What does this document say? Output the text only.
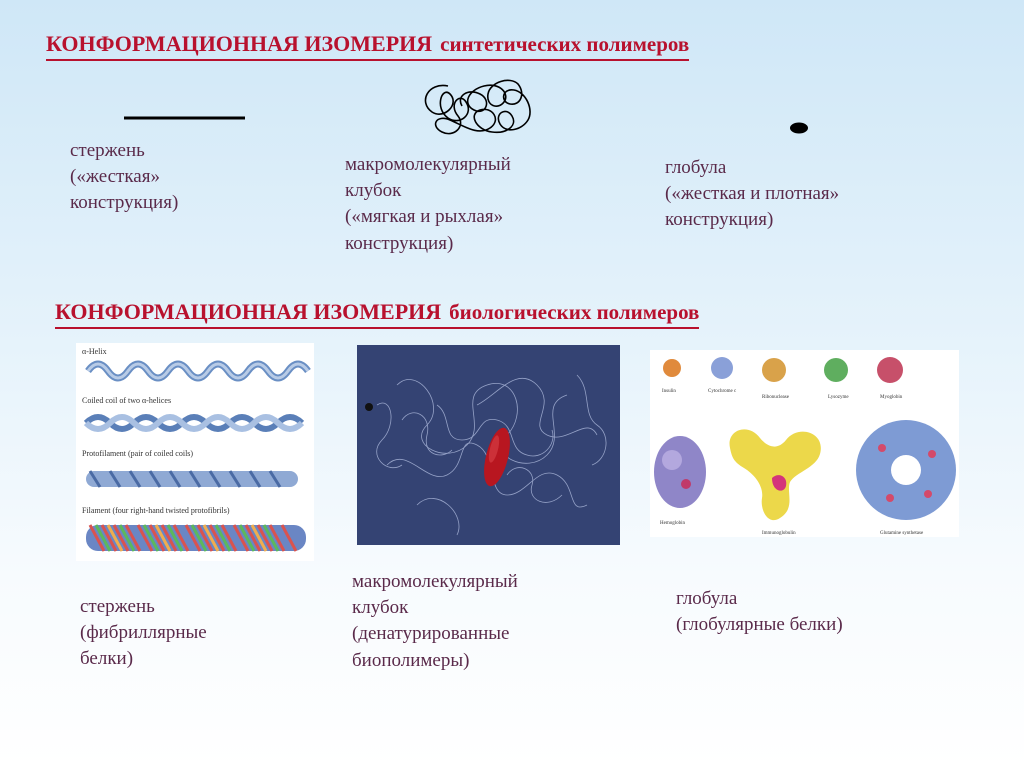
КОНФОРМАЦИОННАЯ ИЗОМЕРИЯ синтетических полимеров
стержень
(«жесткая»
конструкция)
макромолекулярный
клубок
(«мягкая и рыхлая»
конструкция)
глобула
(«жесткая и плотная»
конструкция)
КОНФОРМАЦИОННАЯ ИЗОМЕРИЯ биологических полимеров
α-Helix
Coiled coil of two α-helices
Protofilament (pair of coiled coils)
Filament (four right-hand twisted protofibrils)
Insulin	Cytochrome c
Ribonuclease	Lysozyme	Myoglobin
Hemoglobin
Immunoglobulin	Glutamine synthetase
стержень
(фибриллярные
белки)
макромолекулярный
клубок
(денатурированные
биополимеры)
глобула
(глобулярные белки)
